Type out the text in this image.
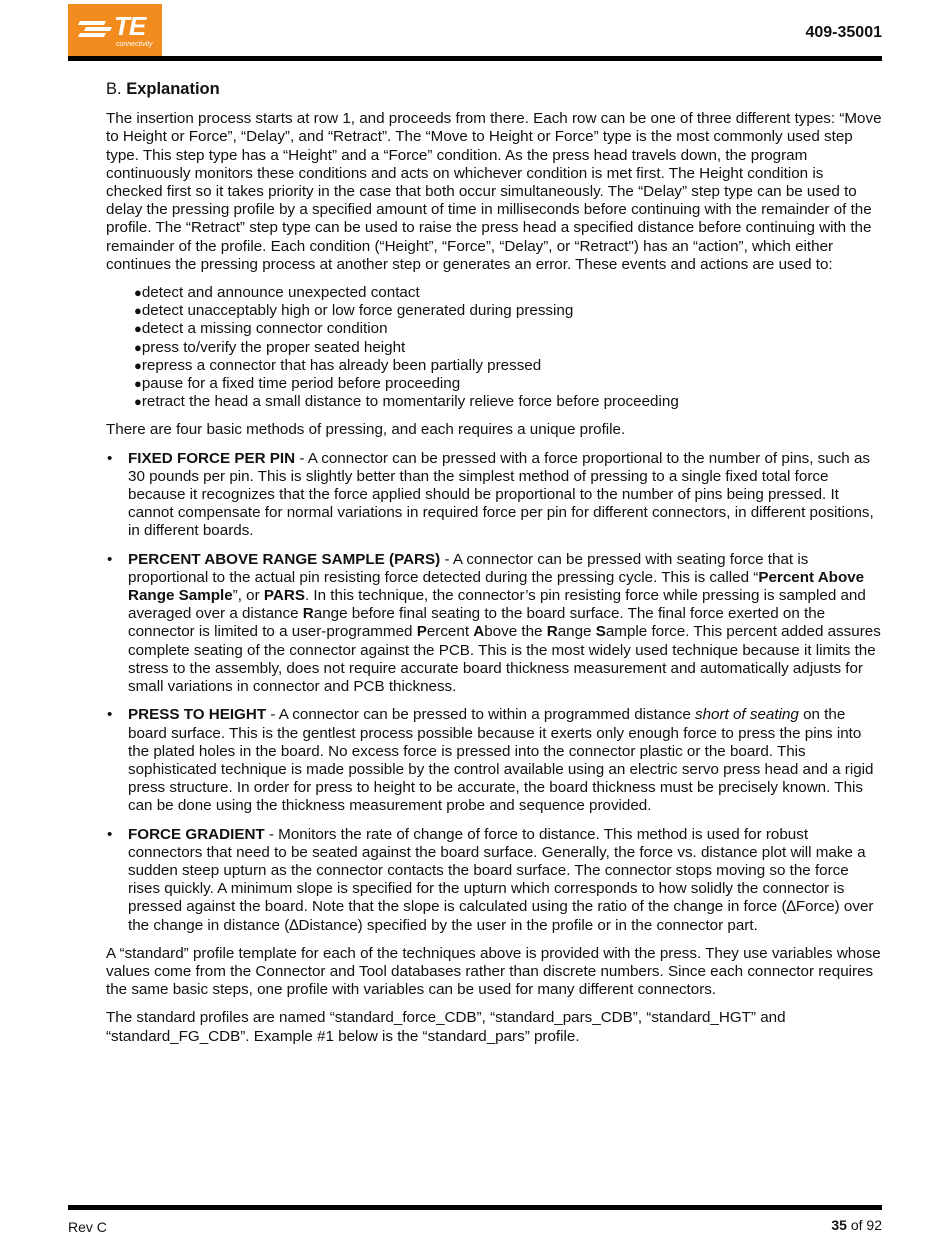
TE
connectivity
409-35001
B. Explanation

The insertion process starts at row 1, and proceeds from there. Each row can be one of three different types: “Move to Height or Force”, “Delay”, and “Retract”. The “Move to Height or Force” type is the most commonly used step type. This step type has a “Height” and a “Force” condition. As the press head travels down, the program continuously monitors these conditions and acts on whichever condition is met first. The Height condition is checked first so it takes priority in the case that both occur simultaneously. The “Delay” step type can be used to delay the pressing profile by a specified amount of time in milliseconds before continuing with the remainder of the profile. The “Retract” step type can be used to raise the press head a specified distance before continuing with the remainder of the profile. Each condition (“Height”, “Force”, “Delay”, or “Retract") has an “action”, which either continues the pressing process at another step or generates an error. These events and actions are used to:

● detect and announce unexpected contact
● detect unacceptably high or low force generated during pressing
● detect a missing connector condition
● press to/verify the proper seated height
● repress a connector that has already been partially pressed
● pause for a fixed time period before proceeding
● retract the head a small distance to momentarily relieve force before proceeding

There are four basic methods of pressing, and each requires a unique profile.

• FIXED FORCE PER PIN - A connector can be pressed with a force proportional to the number of pins, such as 30 pounds per pin. This is slightly better than the simplest method of pressing to a single fixed total force because it recognizes that the force applied should be proportional to the number of pins being pressed. It cannot compensate for normal variations in required force per pin for different connectors, in different positions, in different boards.
• PERCENT ABOVE RANGE SAMPLE (PARS) - A connector can be pressed with seating force that is proportional to the actual pin resisting force detected during the pressing cycle. This is called “Percent Above Range Sample”, or PARS. In this technique, the connector’s pin resisting force while pressing is sampled and averaged over a distance Range before final seating to the board surface. The final force exerted on the connector is limited to a user-programmed Percent Above the Range Sample force. This percent added assures complete seating of the connector against the PCB. This is the most widely used technique because it limits the stress to the assembly, does not require accurate board thickness measurement and automatically adjusts for small variations in connector and PCB thickness.
• PRESS TO HEIGHT - A connector can be pressed to within a programmed distance short of seating on the board surface. This is the gentlest process possible because it exerts only enough force to press the pins into the plated holes in the board. No excess force is pressed into the connector plastic or the board. This sophisticated technique is made possible by the control available using an electric servo press head and a rigid press structure. In order for press to height to be accurate, the board thickness must be precisely known. This can be done using the thickness measurement probe and sequence provided.
• FORCE GRADIENT - Monitors the rate of change of force to distance. This method is used for robust connectors that need to be seated against the board surface. Generally, the force vs. distance plot will make a sudden steep upturn as the connector contacts the board surface. The connector stops moving so the force rises quickly. A minimum slope is specified for the upturn which corresponds to how solidly the connector is pressed against the board. Note that the slope is calculated using the ratio of the change in force (∆Force) over the change in distance (∆Distance) specified by the user in the profile or in the connector part.

A “standard” profile template for each of the techniques above is provided with the press. They use variables whose values come from the Connector and Tool databases rather than discrete numbers. Since each connector requires the same basic steps, one profile with variables can be used for many different connectors.

The standard profiles are named “standard_force_CDB”, “standard_pars_CDB”, “standard_HGT” and “standard_FG_CDB”. Example #1 below is the “standard_pars” profile.

Rev C	35 of 92
